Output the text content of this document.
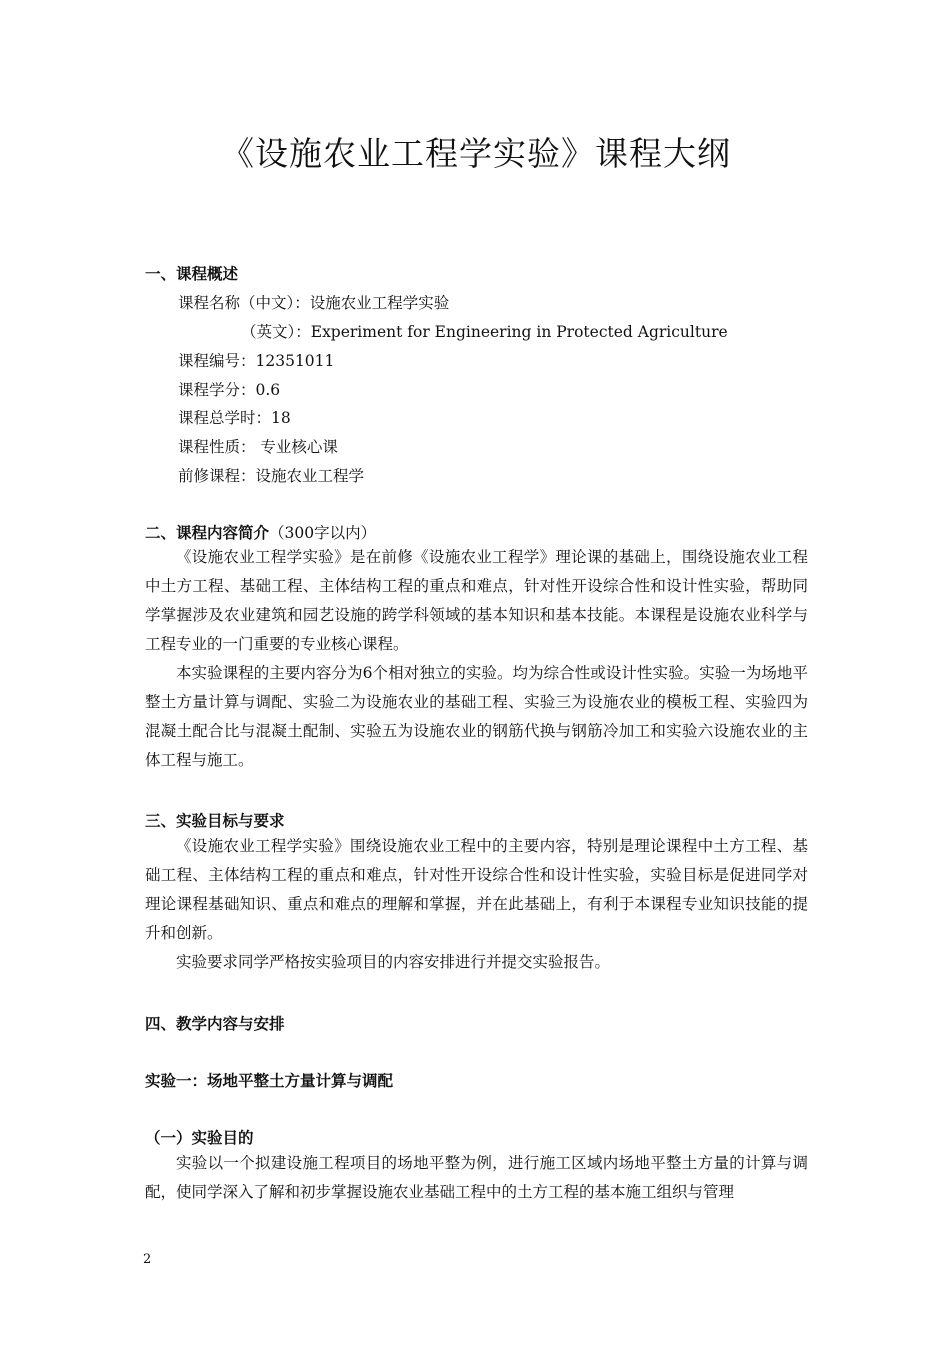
《设施农业工程学实验》课程大纲
一、课程概述
课程名称（中文）：设施农业工程学实验
（英文）：Experiment for Engineering in Protected Agriculture
课程编号：12351011
课程学分：0.6
课程总学时：18
课程性质： 专业核心课
前修课程：设施农业工程学
二、课程内容简介（300字以内）
《设施农业工程学实验》是在前修《设施农业工程学》理论课的基础上，围绕设施农业工程中土方工程、基础工程、主体结构工程的重点和难点，针对性开设综合性和设计性实验，帮助同学掌握涉及农业建筑和园艺设施的跨学科领域的基本知识和基本技能。本课程是设施农业科学与工程专业的一门重要的专业核心课程。
本实验课程的主要内容分为6个相对独立的实验。均为综合性或设计性实验。实验一为场地平整土方量计算与调配、实验二为设施农业的基础工程、实验三为设施农业的模板工程、实验四为混凝土配合比与混凝土配制、实验五为设施农业的钢筋代换与钢筋冷加工和实验六设施农业的主体工程与施工。
三、实验目标与要求
《设施农业工程学实验》围绕设施农业工程中的主要内容，特别是理论课程中土方工程、基础工程、主体结构工程的重点和难点，针对性开设综合性和设计性实验，实验目标是促进同学对理论课程基础知识、重点和难点的理解和掌握，并在此基础上，有利于本课程专业知识技能的提升和创新。
实验要求同学严格按实验项目的内容安排进行并提交实验报告。
四、教学内容与安排
实验一：场地平整土方量计算与调配
（一）实验目的
实验以一个拟建设施工程项目的场地平整为例，进行施工区域内场地平整土方量的计算与调配，使同学深入了解和初步掌握设施农业基础工程中的土方工程的基本施工组织与管理
2
